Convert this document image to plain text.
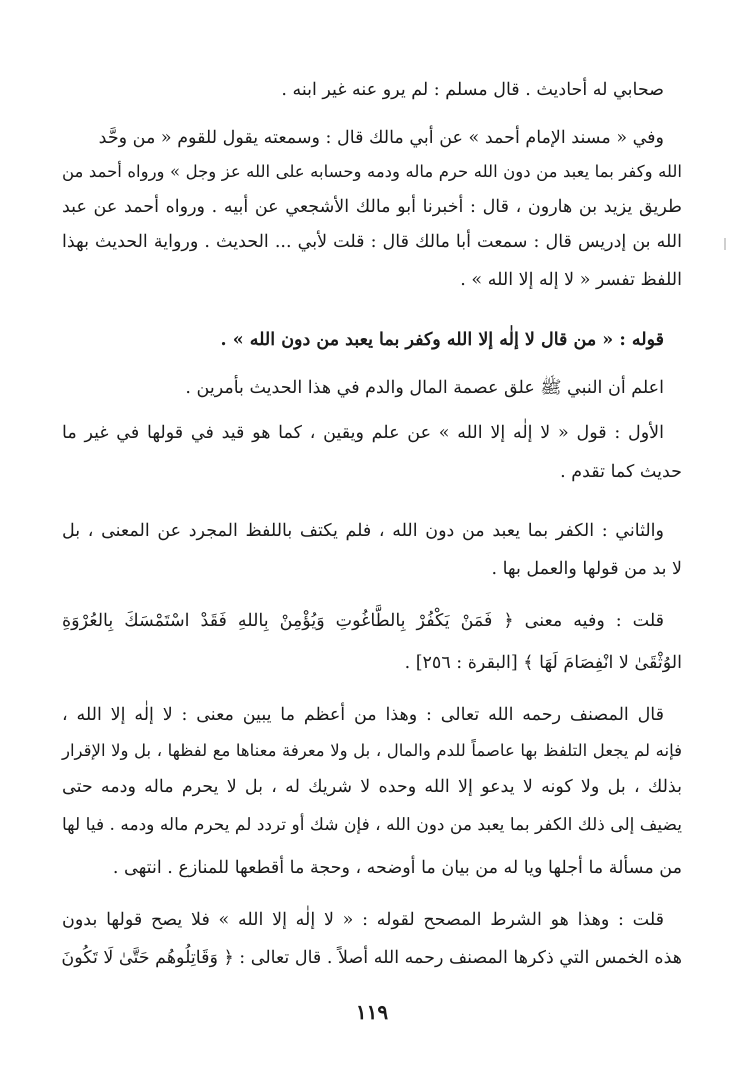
صحابي له أحاديث . قال مسلم : لم يرو عنه غير ابنه .
وفي « مسند الإمام أحمد » عن أبي مالك قال : وسمعته يقول للقوم « من وحَّد
الله وكفر بما يعبد من دون الله حرم ماله ودمه وحسابه على الله عز وجل » ورواه أحمد من
طريق يزيد بن هارون ، قال : أخبرنا أبو مالك الأشجعي عن أبيه . ورواه أحمد عن عبد
الله بن إدريس قال : سمعت أبا مالك قال : قلت لأبي ... الحديث . ورواية الحديث بهذا
اللفظ تفسر « لا إله إلا الله » .
قوله : « من قال لا إلٰه إلا الله وكفر بما يعبد من دون الله » .
اعلم أن النبي ﷺ علق عصمة المال والدم في هذا الحديث بأمرين .
الأول : قول « لا إلٰه إلا الله » عن علم ويقين ، كما هو قيد في قولها في غير ما
حديث كما تقدم .
والثاني : الكفر بما يعبد من دون الله ، فلم يكتف باللفظ المجرد عن المعنى ، بل
لا بد من قولها والعمل بها .
قلت : وفيه معنى ﴿ فَمَنْ يَكْفُرْ بِالطَّاغُوتِ وَيُؤْمِنْ بِاللهِ فَقَدْ اسْتَمْسَكَ بِالعُرْوَةِ
الوُثْقَىٰ لا انْفِصَامَ لَهَا ﴾ [البقرة : ٢٥٦] .
قال المصنف رحمه الله تعالى : وهذا من أعظم ما يبين معنى : لا إلٰه إلا الله ،
فإنه لم يجعل التلفظ بها عاصماً للدم والمال ، بل ولا معرفة معناها مع لفظها ، بل ولا الإقرار
بذلك ، بل ولا كونه لا يدعو إلا الله وحده لا شريك له ، بل لا يحرم ماله ودمه حتى
يضيف إلى ذلك الكفر بما يعبد من دون الله ، فإن شك أو تردد لم يحرم ماله ودمه . فيا لها
من مسألة ما أجلها ويا له من بيان ما أوضحه ، وحجة ما أقطعها للمنازع . انتهى .
قلت : وهذا هو الشرط المصحح لقوله : « لا إلٰه إلا الله » فلا يصح قولها بدون
هذه الخمس التي ذكرها المصنف رحمه الله أصلاً . قال تعالى : ﴿ وَقَاتِلُوهُم حَتَّىٰ لَا تَكُونَ
١١٩
